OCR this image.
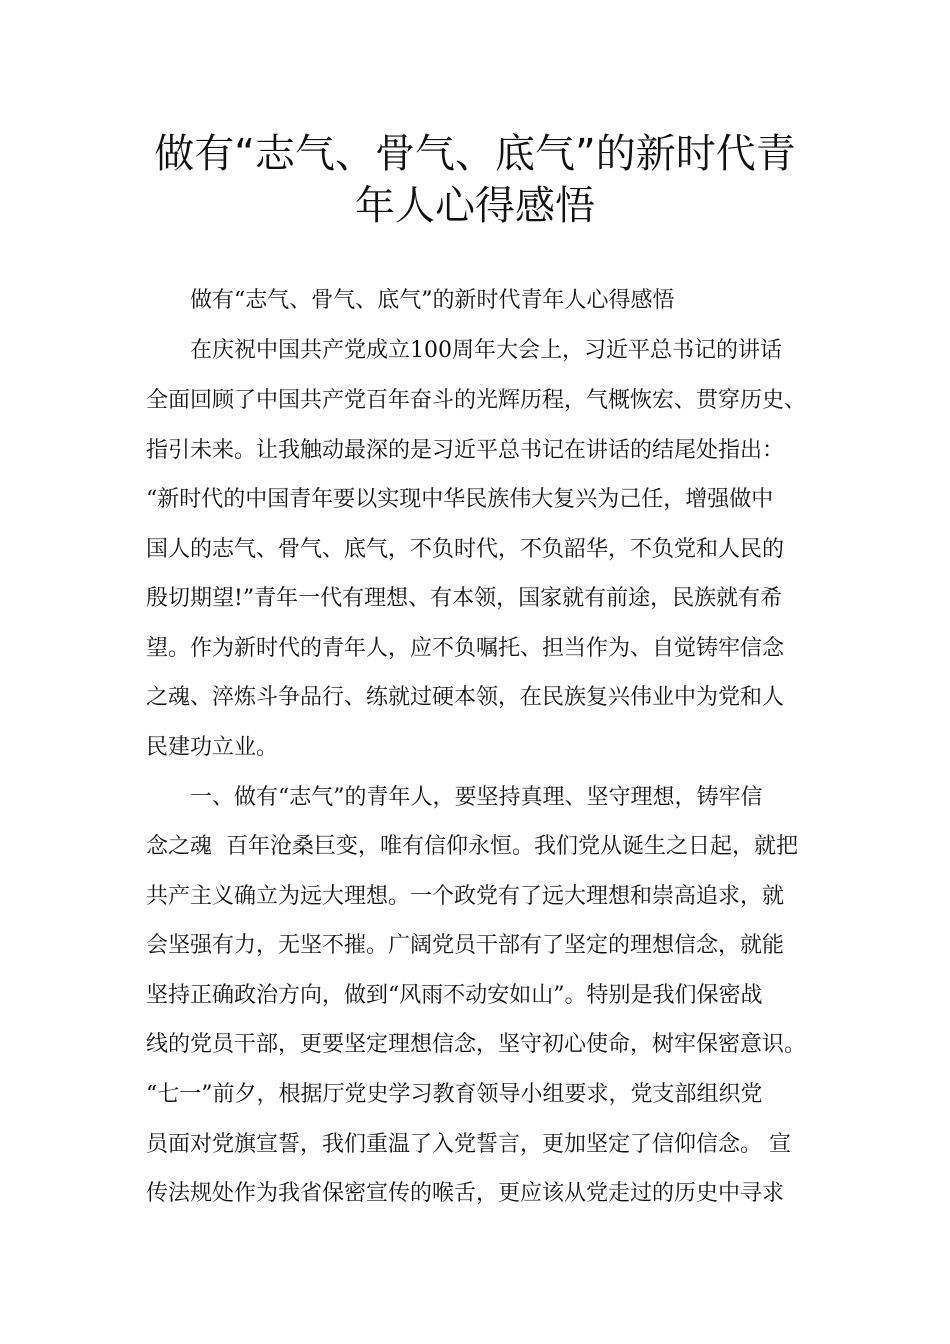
做有“志气、骨气、底气”的新时代青
年人心得感悟
做有“志气、骨气、底气”的新时代青年人心得感悟
在庆祝中国共产党成立100周年大会上，习近平总书记的讲话
全面回顾了中国共产党百年奋斗的光辉历程，气概恢宏、贯穿历史、
指引未来。让我触动最深的是习近平总书记在讲话的结尾处指出：
“新时代的中国青年要以实现中华民族伟大复兴为己任，增强做中
国人的志气、骨气、底气，不负时代，不负韶华，不负党和人民的
殷切期望!”青年一代有理想、有本领，国家就有前途，民族就有希
望。作为新时代的青年人，应不负嘱托、担当作为、自觉铸牢信念
之魂、淬炼斗争品行、练就过硬本领，在民族复兴伟业中为党和人
民建功立业。
一、做有“志气”的青年人，要坚持真理、坚守理想，铸牢信
念之魂  百年沧桑巨变，唯有信仰永恒。我们党从诞生之日起，就把
共产主义确立为远大理想。一个政党有了远大理想和崇高追求，就
会坚强有力，无坚不摧。广阔党员干部有了坚定的理想信念，就能
坚持正确政治方向，做到“风雨不动安如山”。特别是我们保密战
线的党员干部，更要坚定理想信念，坚守初心使命，树牢保密意识。
“七一”前夕，根据厅党史学习教育领导小组要求，党支部组织党
员面对党旗宣誓，我们重温了入党誓言，更加坚定了信仰信念。 宣
传法规处作为我省保密宣传的喉舌，更应该从党走过的历史中寻求
